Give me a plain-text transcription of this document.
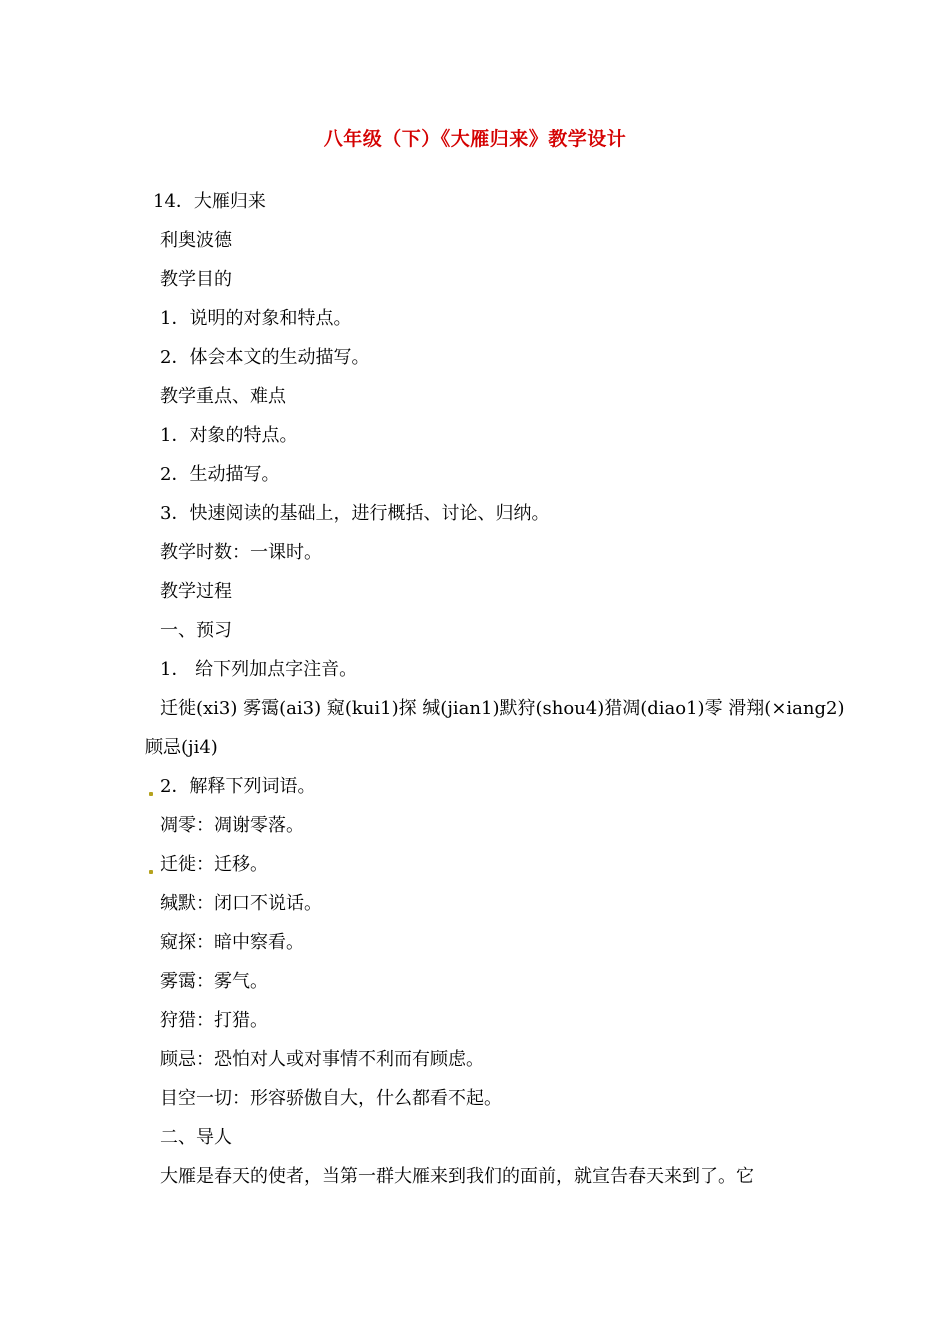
八年级（下）《大雁归来》教学设计
14．大雁归来
利奥波德
教学目的
1．说明的对象和特点。
2．体会本文的生动描写。
教学重点、难点
1．对象的特点。
2．生动描写。
3．快速阅读的基础上，进行概括、讨论、归纳。
教学时数：一课时。
教学过程
一、预习
1． 给下列加点字注音。
迁徙(xi3) 雾霭(ai3) 窥(kui1)探 缄(jian1)默狩(shou4)猎凋(diao1)零 滑翔(×iang2)
顾忌(ji4)
2．解释下列词语。
凋零：凋谢零落。
迁徙：迁移。
缄默：闭口不说话。
窥探：暗中察看。
雾霭：雾气。
狩猎：打猎。
顾忌：恐怕对人或对事情不利而有顾虑。
目空一切：形容骄傲自大，什么都看不起。
二、导人
大雁是春天的使者，当第一群大雁来到我们的面前，就宣告春天来到了。它
